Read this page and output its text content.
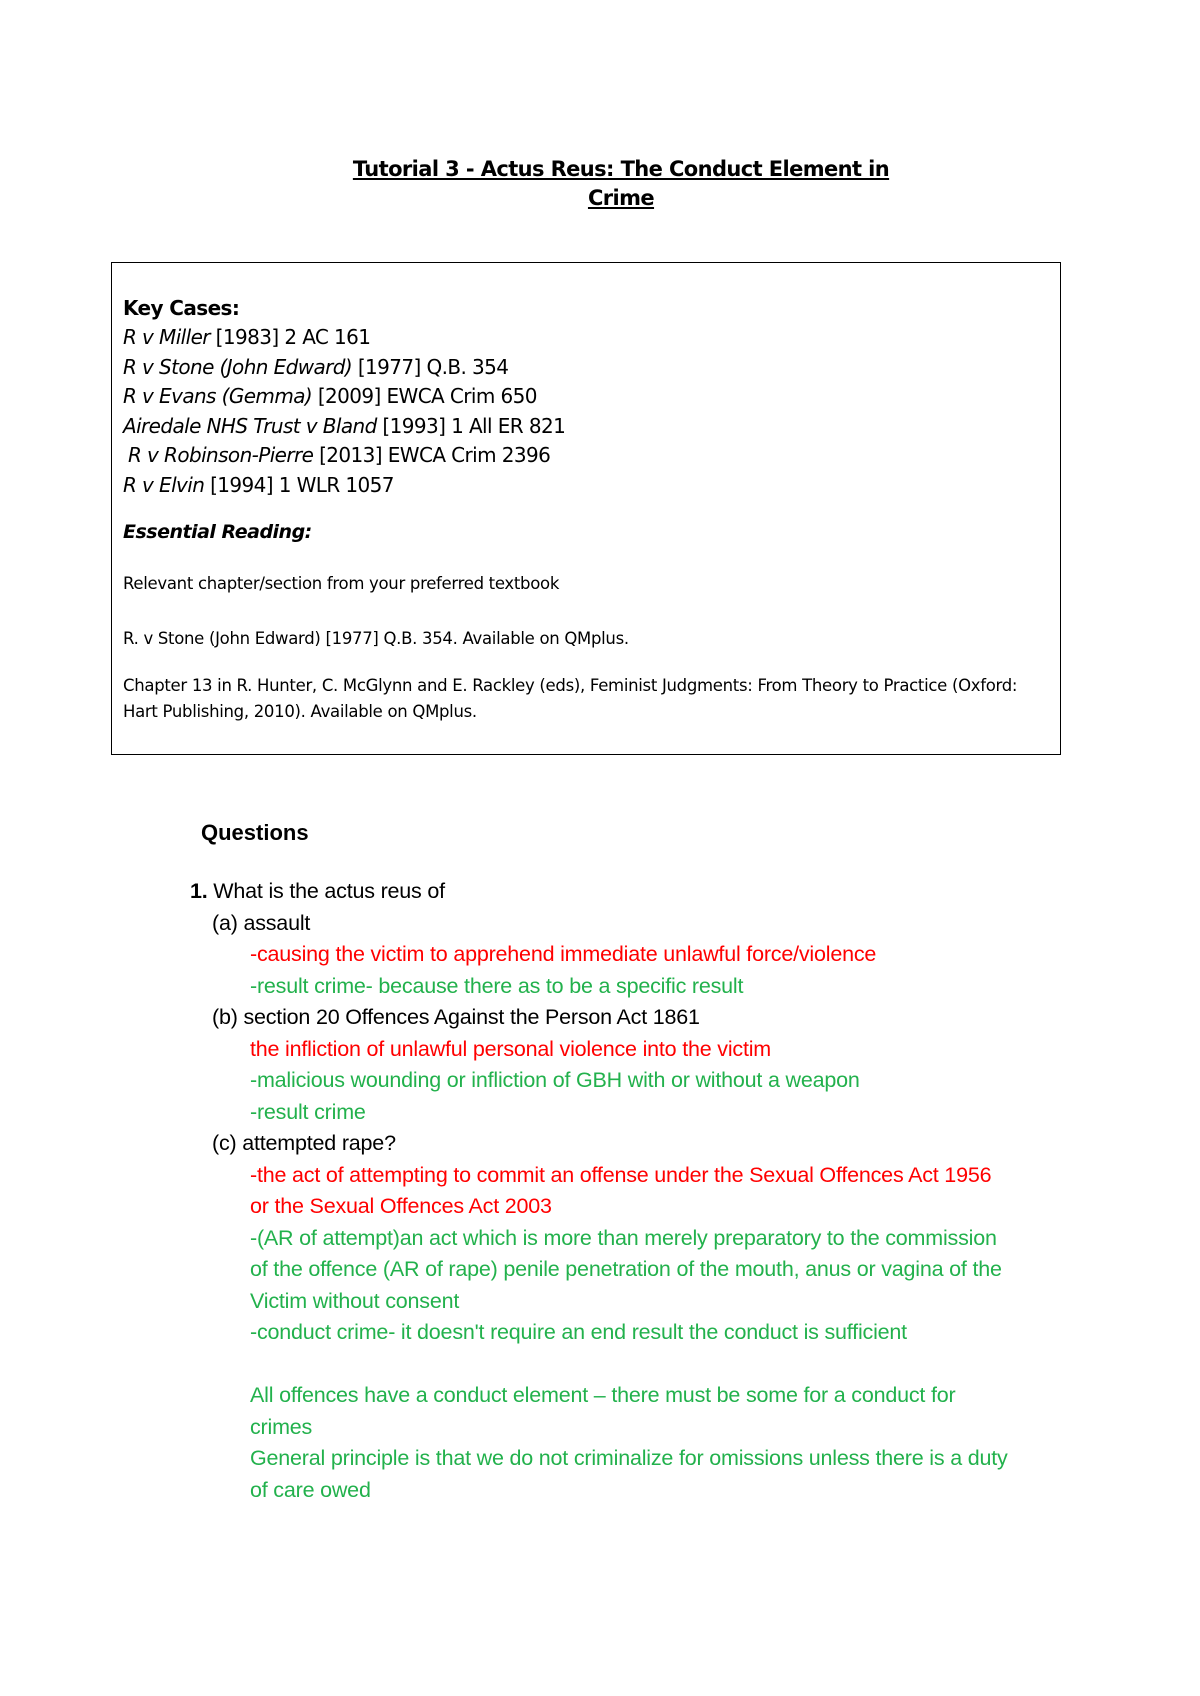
Tutorial 3 - Actus Reus: The Conduct Element in
Crime
Key Cases:
R v Miller [1983] 2 AC 161
R v Stone (John Edward) [1977] Q.B. 354
R v Evans (Gemma) [2009] EWCA Crim 650
Airedale NHS Trust v Bland [1993] 1 All ER 821
R v Robinson-Pierre [2013] EWCA Crim 2396
R v Elvin [1994] 1 WLR 1057
Essential Reading:
Relevant chapter/section from your preferred textbook
R. v Stone (John Edward) [1977] Q.B. 354. Available on QMplus.
Chapter 13 in R. Hunter, C. McGlynn and E. Rackley (eds), Feminist Judgments: From Theory to Practice (Oxford: Hart Publishing, 2010). Available on QMplus.
Questions
1. What is the actus reus of
(a) assault
-causing the victim to apprehend immediate unlawful force/violence
-result crime- because there as to be a specific result
(b) section 20 Offences Against the Person Act 1861
the infliction of unlawful personal violence into the victim
-malicious wounding or infliction of GBH with or without a weapon
-result crime
(c) attempted rape?
-the act of attempting to commit an offense under the Sexual Offences Act 1956 or the Sexual Offences Act 2003
-(AR of attempt)an act which is more than merely preparatory to the commission of the offence (AR of rape) penile penetration of the mouth, anus or vagina of the Victim without consent
-conduct crime- it doesn't require an end result the conduct is sufficient
All offences have a conduct element – there must be some for a conduct for crimes
General principle is that we do not criminalize for omissions unless there is a duty of care owed
